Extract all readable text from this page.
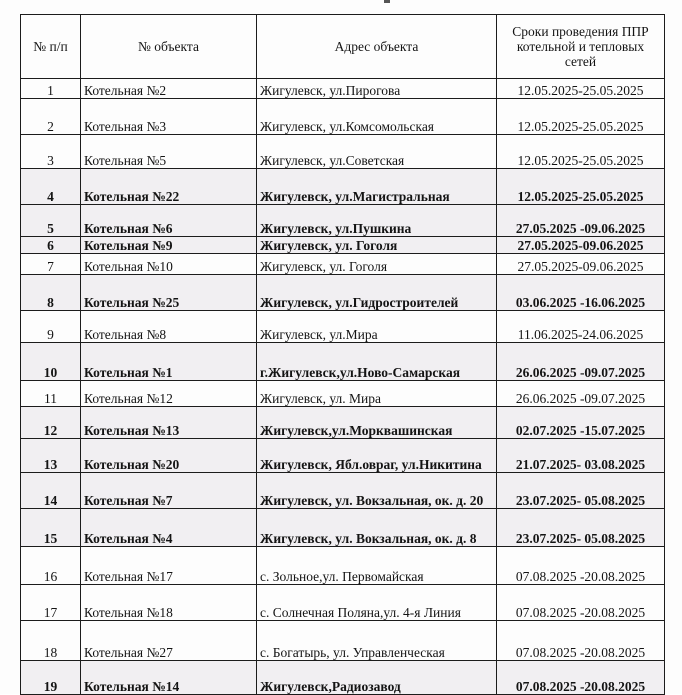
№ п/п	№ объекта	Адрес объекта	Сроки проведения ППР котельной и тепловых сетей
1	Котельная №2	Жигулевск, ул.Пирогова	12.05.2025-25.05.2025
2	Котельная №3	Жигулевск, ул.Комсомольская	12.05.2025-25.05.2025
3	Котельная №5	Жигулевск, ул.Советская	12.05.2025-25.05.2025
4	Котельная №22	Жигулевск, ул.Магистральная	12.05.2025-25.05.2025
5	Котельная №6	Жигулевск, ул.Пушкина	27.05.2025 -09.06.2025
6	Котельная №9	Жигулевск, ул. Гоголя	27.05.2025-09.06.2025
7	Котельная №10	Жигулевск, ул. Гоголя	27.05.2025-09.06.2025
8	Котельная №25	Жигулевск, ул.Гидростроителей	03.06.2025 -16.06.2025
9	Котельная №8	Жигулевск, ул.Мира	11.06.2025-24.06.2025
10	Котельная №1	г.Жигулевск,ул.Ново-Самарская	26.06.2025 -09.07.2025
11	Котельная №12	Жигулевск, ул. Мира	26.06.2025 -09.07.2025
12	Котельная №13	Жигулевск,ул.Морквашинская	02.07.2025 -15.07.2025
13	Котельная №20	Жигулевск, Ябл.овраг, ул.Никитина	21.07.2025- 03.08.2025
14	Котельная №7	Жигулевск, ул. Вокзальная, ок. д. 20	23.07.2025- 05.08.2025
15	Котельная №4	Жигулевск, ул. Вокзальная, ок. д. 8	23.07.2025- 05.08.2025
16	Котельная №17	с. Зольное,ул. Первомайская	07.08.2025 -20.08.2025
17	Котельная №18	с. Солнечная Поляна,ул. 4-я Линия	07.08.2025 -20.08.2025
18	Котельная №27	с. Богатырь, ул. Управленческая	07.08.2025 -20.08.2025
19	Котельная №14	Жигулевск,Радиозавод	07.08.2025 -20.08.2025
